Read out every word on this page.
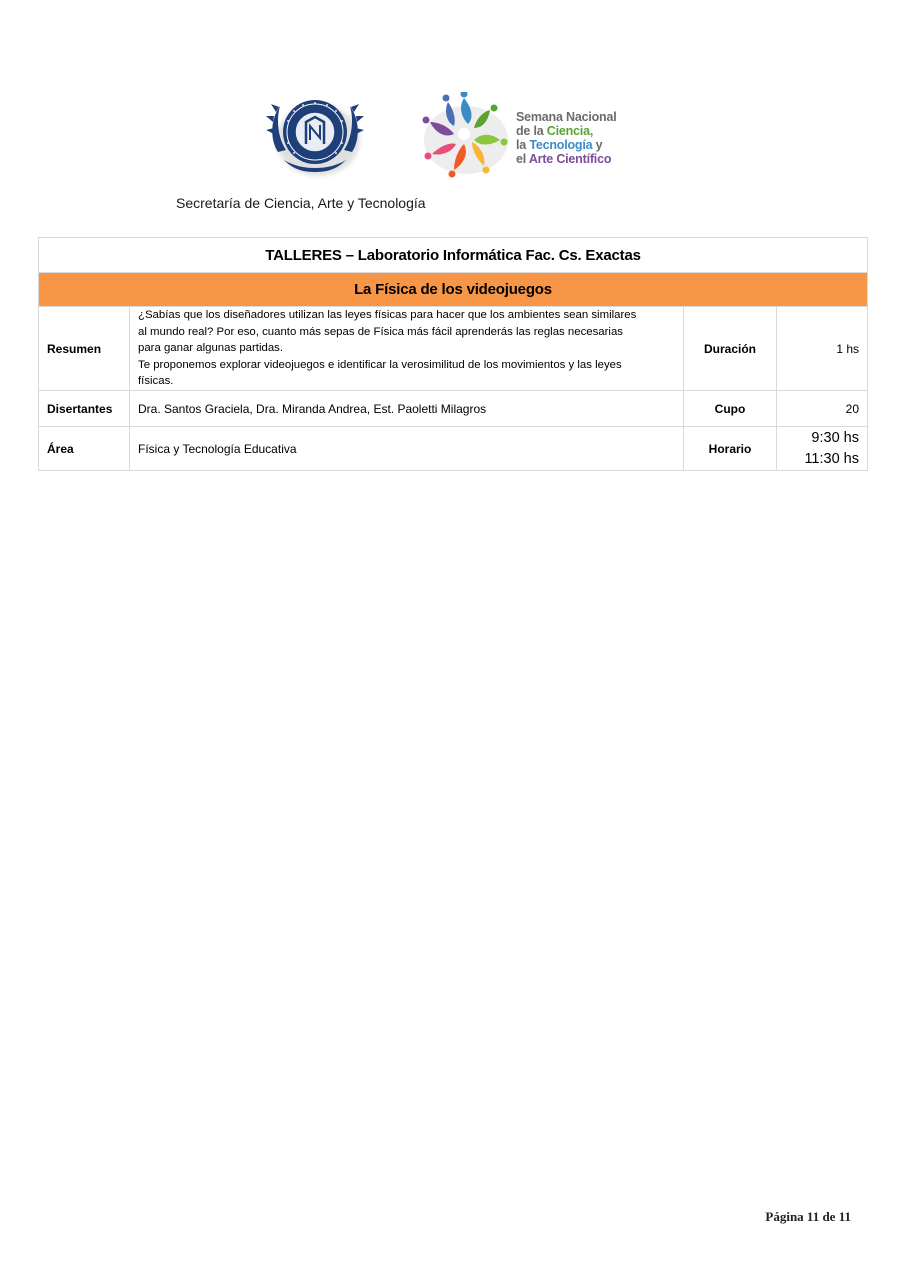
Semana Nacional
de la Ciencia,
la Tecnología y
el Arte Científico
Secretaría de Ciencia, Arte y Tecnología
TALLERES – Laboratorio Informática Fac. Cs. Exactas			
La Física de los videojuegos			
Resumen	¿Sabías que los diseñadores utilizan las leyes físicas para hacer que los ambientes sean similares
al mundo real? Por eso, cuanto más sepas de Física más fácil aprenderás las reglas necesarias
para ganar algunas partidas.
Te proponemos explorar videojuegos e identificar la verosimilitud de los movimientos y las leyes
físicas.	Duración	1 hs
Disertantes	Dra. Santos Graciela, Dra. Miranda Andrea, Est. Paoletti Milagros	Cupo	20
Área	Física y Tecnología Educativa	Horario	9:30 hs
11:30 hs
Página 11 de 11
